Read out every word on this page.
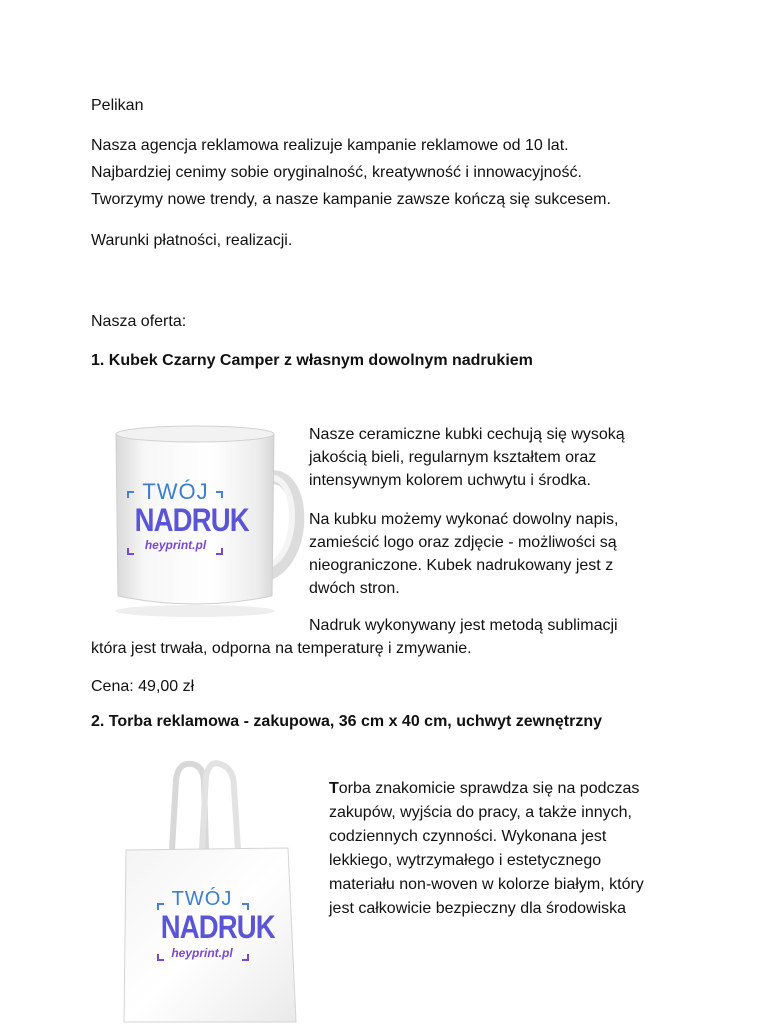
Pelikan

Nasza agencja reklamowa realizuje kampanie reklamowe od 10 lat.

Najbardziej cenimy sobie oryginalność, kreatywność i innowacyjność.

Tworzymy nowe trendy, a nasze kampanie zawsze kończą się sukcesem.

Warunki płatności, realizacji.

Nasza oferta:

1. Kubek Czarny Camper z własnym dowolnym nadrukiem

TWÓJ
NADRUK
heyprint.pl

Nasze ceramiczne kubki cechują się wysoką

jakością bieli, regularnym kształtem oraz

intensywnym kolorem uchwytu i środka.

Na kubku możemy wykonać dowolny napis,

zamieścić logo oraz zdjęcie - możliwości są

nieograniczone. Kubek nadrukowany jest z

dwóch stron.

Nadruk wykonywany jest metodą sublimacji

która jest trwała, odporna na temperaturę i zmywanie.

Cena: 49,00 zł

2. Torba reklamowa - zakupowa, 36 cm x 40 cm, uchwyt zewnętrzny

TWÓJ
NADRUK
heyprint.pl

Torba znakomicie sprawdza się na podczas

zakupów, wyjścia do pracy, a także innych,

codziennych czynności. Wykonana jest

lekkiego, wytrzymałego i estetycznego

materiału non-woven w kolorze białym, który

jest całkowicie bezpieczny dla środowiska
